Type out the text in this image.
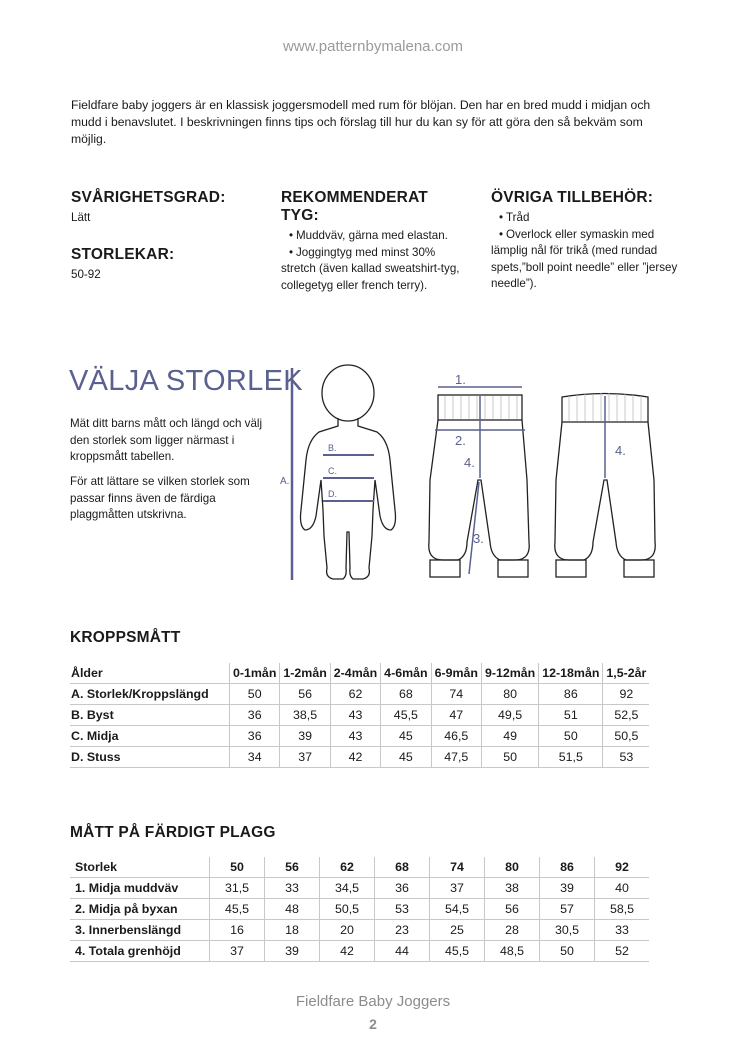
www.patternbymalena.com
Fieldfare baby joggers är en klassisk joggersmodell med rum för blöjan. Den har en bred mudd i midjan och mudd i benavslutet. I beskrivningen finns tips och förslag till hur du kan sy för att göra den så bekväm som möjlig.
SVÅRIGHETSGRAD:
Lätt
STORLEKAR:
50-92
REKOMMENDERAT TYG:
• Muddväv, gärna med elastan.
• Joggingtyg med minst 30% stretch (även kallad sweatshirt-tyg, collegetyg eller french terry).
ÖVRIGA TILLBEHÖR:
• Tråd
• Overlock eller symaskin med lämplig nål för trikå (med rundad spets,”boll point needle” eller ”jersey needle”).
VÄLJA STORLEK
Mät ditt barns mått och längd och välj den storlek som ligger närmast i kroppsmått tabellen.
För att lättare se vilken storlek som passar finns även de färdiga plaggmåtten utskrivna.
A.
B.
C.
D.
1.
2.
4.
3.
4.
KROPPSMÅTT
Ålder	0-1mån	1-2mån	2-4mån	4-6mån	6-9mån	9-12mån	12-18mån	1,5-2år
A. Storlek/Kroppslängd	50	56	62	68	74	80	86	92
B. Byst	36	38,5	43	45,5	47	49,5	51	52,5
C. Midja	36	39	43	45	46,5	49	50	50,5
D. Stuss	34	37	42	45	47,5	50	51,5	53
MÅTT PÅ FÄRDIGT PLAGG
Storlek	50	56	62	68	74	80	86	92
1. Midja muddväv	31,5	33	34,5	36	37	38	39	40
2. Midja på byxan	45,5	48	50,5	53	54,5	56	57	58,5
3. Innerbenslängd	16	18	20	23	25	28	30,5	33
4. Totala grenhöjd	37	39	42	44	45,5	48,5	50	52
Fieldfare Baby Joggers
2
